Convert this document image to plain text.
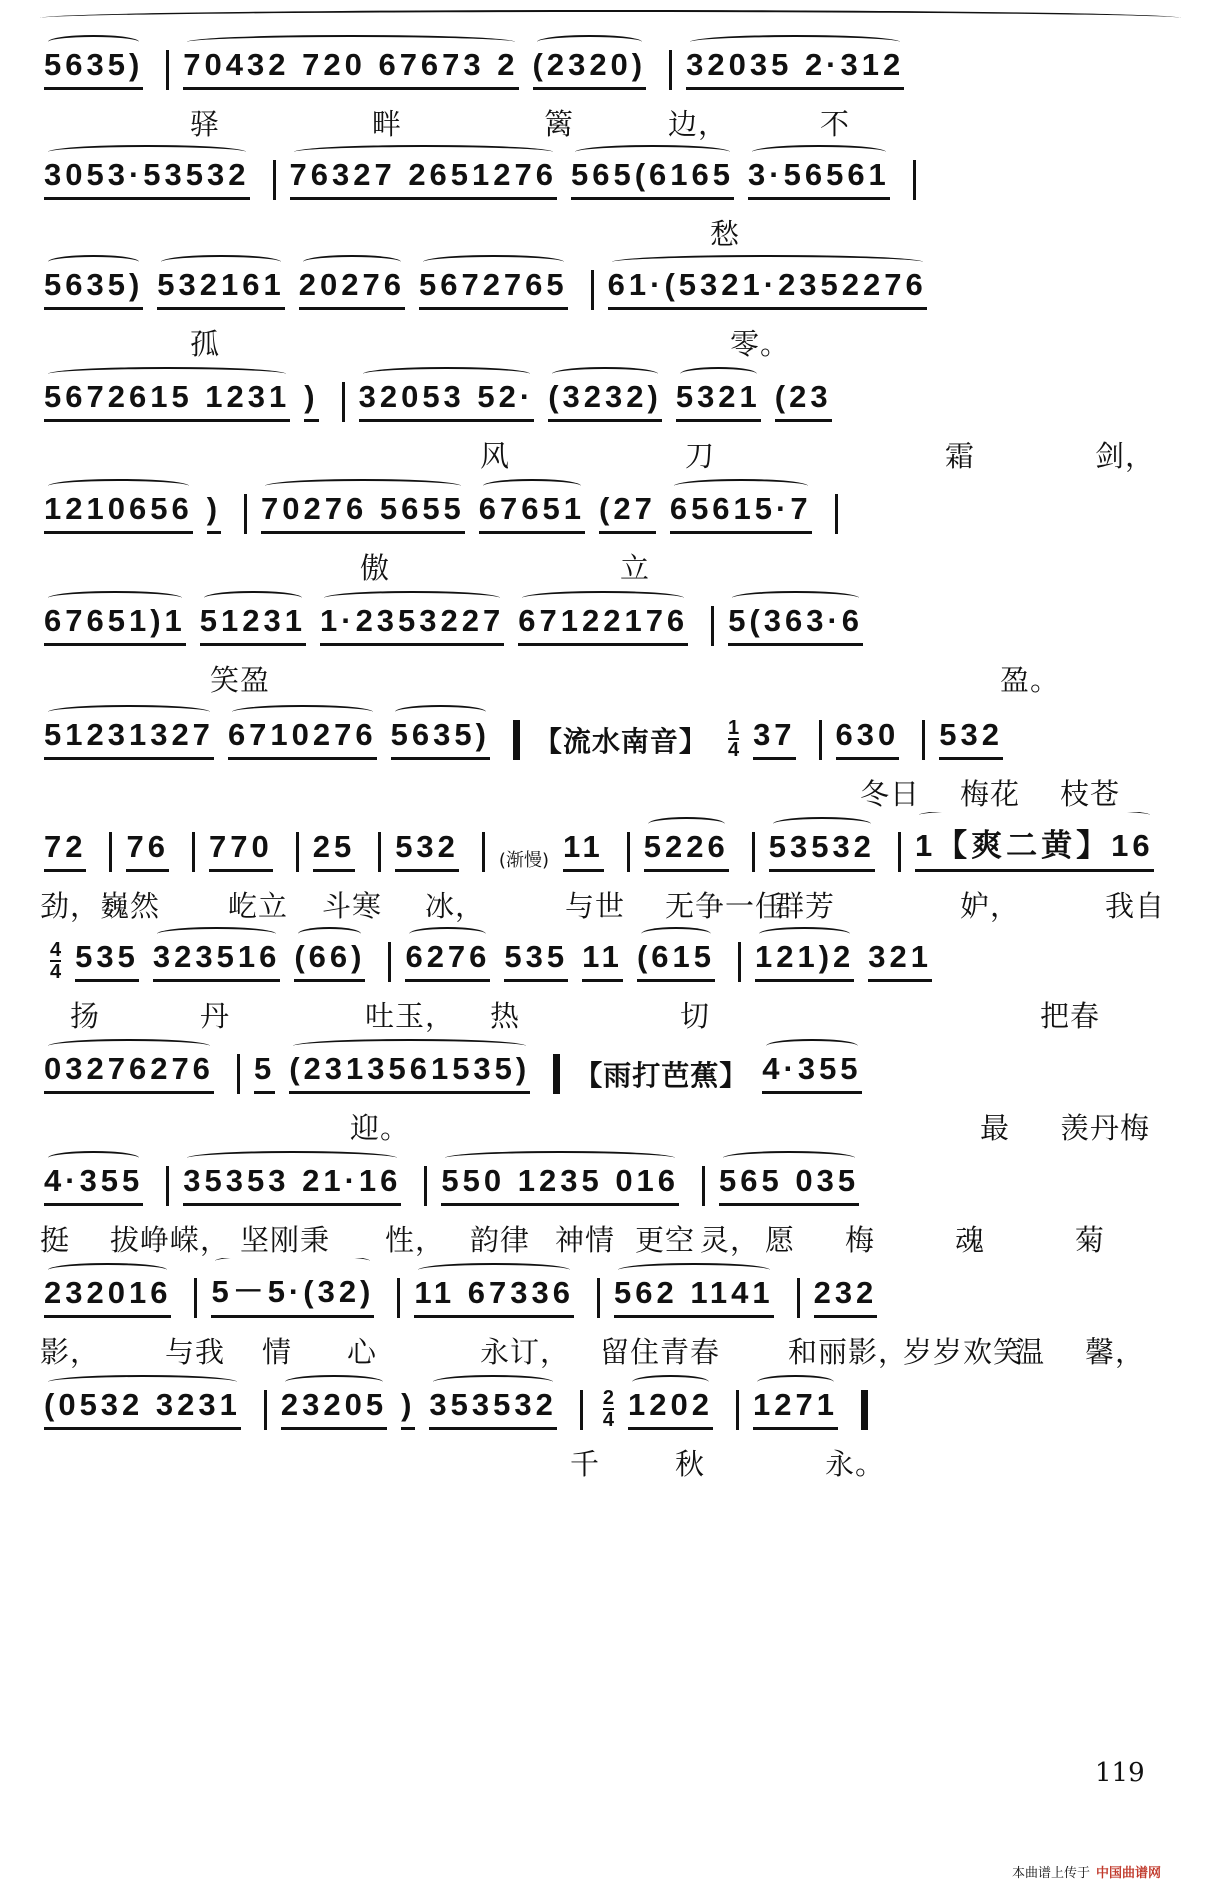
5635) 70432 720 67673 2 (2320) 32035 2·312
驿	畔	篱	边，	不
3053·53532 76327 2651276 565(6165 3·56561
愁
5635) 532161 20276 5672765 61·(5321·2352276
孤	零。
5672615 1231 ) 32053 52· (3232) 5321 (23
风	刀	霜	剑，
1210656 ) 70276 5655 67651 (27 65615·7
傲	立
67651)1 51231 1·2353227 67122176 5(363·6
笑盈	盈。
51231327 6710276 5635) 【流水南音】 1
4 37 630 532
冬日 梅花 枝苍
72 76 770 25 532 (渐慢) 11 5226 53532 1【爽二黄】16
劲， 巍然 屹立 斗寒 冰，	与世 无争一任
群芳	妒，	我自
4
4 535 323516 (66) 6276 535 11 (615 121)2 321
扬	丹	吐玉， 热	切	把春
03276276 5 (2313561535) 【雨打芭蕉】 4·355
迎。	最 羡丹梅
4·355 35353 21·16 550 1235 016 565 035
挺 拔峥嵘， 坚刚秉 性， 韵律 神情 更空 灵， 愿 梅	魂	菊
232016 5－5·(32) 11 67336 562 1141 232
影， 与我 情 心	永订， 留住青春 和丽影，
岁岁欢笑
温 馨，
(0532 3231 23205 ) 353532 2
4 1202 1271
千	秋	永。
119
本曲谱上传于 中国曲谱网
